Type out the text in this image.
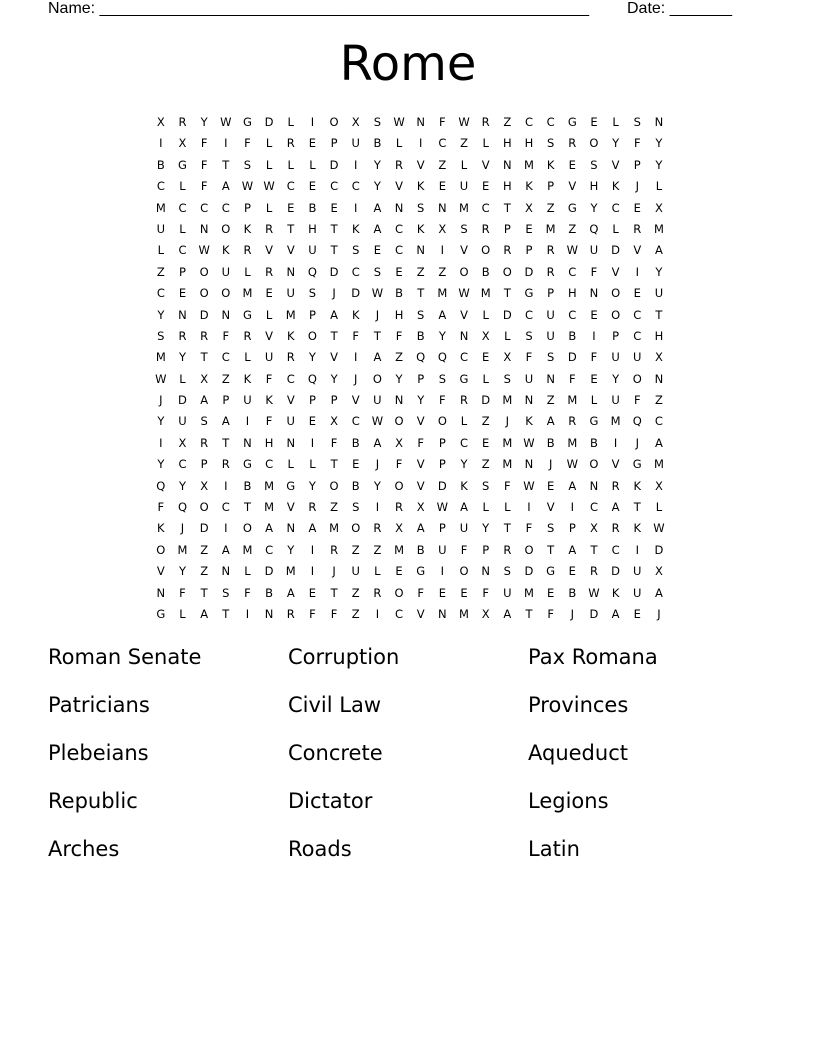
Name: _______________________________________________________ Date: _______
Rome
X	R	Y	W	G	D	L	I	O	X	S	W	N	F	W	R	Z	C	C	G	E	L	S	N
I	X	F	I	F	L	R	E	P	U	B	L	I	C	Z	L	H	H	S	R	O	Y	F	Y
B	G	F	T	S	L	L	L	D	I	Y	R	V	Z	L	V	N	M	K	E	S	V	P	Y
C	L	F	A	W W	C	E	C	C	Y	V	K	E	U	E	H	K	P	V	H	K	J	L
M	C	C	C	P	L	E	B	E	I	A	N	S	N	M	C	T	X	Z	G	Y	C	E	X
U	L	N	O	K	R	T	H	T	K	A	C	K	X	S	R	P	E	M	Z	Q	L	R	M
L	C	W	K	R	V	V	U	T	S	E	C	N	I	V	O	R	P	R	W	U	D	V	A
Z	P	O	U	L	R	N	Q	D	C	S	E	Z	Z	O	B	O	D	R	C	F	V	I	Y
C	E	O	O	M	E	U	S	J	D	W	B	T	M W M	T	G	P	H	N	O	E	U
Y	N	D	N	G	L	M	P	A	K	J	H	S	A	V	L	D	C	U	C	E	O	C	T
S	R	R	F	R	V	K	O	T	F	T	F	B	Y	N	X	L	S	U	B	I	P	C	H
M	Y	T	C	L	U	R	Y	V	I	A	Z	Q	Q	C	E	X	F	S	D	F	U	U	X
W	L	X	Z	K	F	C	Q	Y	J	O	Y	P	S	G	L	S	U	N	F	E	Y	O	N
J	D	A	P	U	K	V	P	P	V	U	N	Y	F	R	D	M	N	Z	M	L	U	F	Z
Y	U	S	A	I	F	U	E	X	C	W O	V	O	L	Z	J	K	A	R	G	M	Q	C
I	X	R	T	N	H	N	I	F	B	A	X	F	P	C	E	M W	B	M	B	I	J	A
Y	C	P	R	G	C	L	L	T	E	J	F	V	P	Y	Z	M	N	J	W O	V	G	M
Q	Y	X	I	B	M	G	Y	O	B	Y	O	V	D	K	S	F	W	E	A	N	R	K	X
F	Q	O	C	T	M	V	R	Z	S	I	R	X	W	A	L	L	I	V	I	C	A	T	L
K	J	D	I	O	A	N	A	M	O	R	X	A	P	U	Y	T	F	S	P	X	R	K	W
O	M	Z	A	M	C	Y	I	R	Z	Z	M	B	U	F	P	R	O	T	A	T	C	I	D
V	Y	Z	N	L	D	M	I	J	U	L	E	G	I	O	N	S	D	G	E	R	D	U	X
N	F	T	S	F	B	A	E	T	Z	R	O	F	E	E	F	U	M	E	B	W	K	U	A
G	L	A	T	I	N	R	F	F	Z	I	C	V	N	M	X	A	T	F	J	D	A	E	J
Roman Senate	Corruption	Pax Romana
Patricians	Civil Law	Provinces
Plebeians	Concrete	Aqueduct
Republic	Dictator	Legions
Arches	Roads	Latin
